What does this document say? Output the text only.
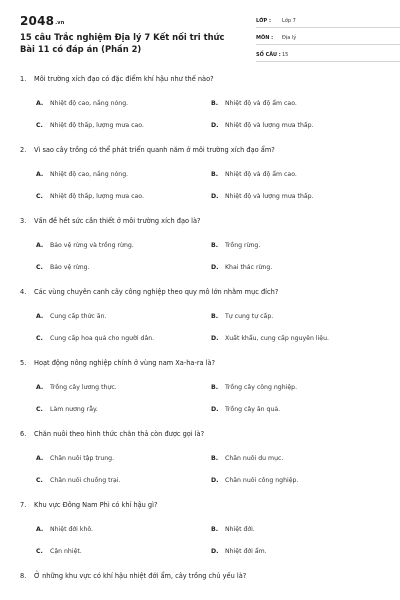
$2048^{.vn}$
15 câu Trắc nghiệm Địa lý 7 Kết nối tri thức Bài 11 có đáp án (Phần 2)
LỚP : Lớp 7
MÔN : Địa lý
SỐ CÂU : 15
1.	Môi trường xích đạo có đặc điểm khí hậu như thế nào?
A.	Nhiệt độ cao, nắng nóng.	B.	Nhiệt độ và độ ẩm cao.
C.	Nhiệt độ thấp, lượng mưa cao.	D.	Nhiệt độ và lượng mưa thấp.
2.	Vì sao cây trồng có thể phát triển quanh năm ở môi trường xích đạo ẩm?
A.	Nhiệt độ cao, nắng nóng.	B.	Nhiệt độ và độ ẩm cao.
C.	Nhiệt độ thấp, lượng mưa cao.	D.	Nhiệt độ và lượng mưa thấp.
3.	Vấn đề hết sức cần thiết ở môi trường xích đạo là?
A.	Bảo vệ rừng và trồng rừng.	B.	Trồng rừng.
C.	Bảo vệ rừng.	D.	Khai thác rừng.
4.	Các vùng chuyên canh cây công nghiệp theo quy mô lớn nhằm mục đích?
A.	Cung cấp thức ăn.	B.	Tự cung tự cấp.
C.	Cung cấp hoa quả cho người dân.	D.	Xuất khẩu, cung cấp nguyên liệu.
5.	Hoạt động nông nghiệp chính ở vùng nam Xa-ha-ra là?
A.	Trồng cây lương thực.	B.	Trồng cây công nghiệp.
C.	Làm nương rẫy.	D.	Trồng cây ăn quả.
6.	Chăn nuôi theo hình thức chăn thả còn được gọi là?
A.	Chăn nuôi tập trung.	B.	Chăn nuôi du mục.
C.	Chăn nuôi chuồng trại.	D.	Chăn nuôi công nghiệp.
7.	Khu vực Đông Nam Phi có khí hậu gì?
A.	Nhiệt đới khô.	B.	Nhiệt đới.
C.	Cận nhiệt.	D.	Nhiệt đới ẩm.
8.	Ở những khu vực có khí hậu nhiệt đới ẩm, cây trồng chủ yếu là?
